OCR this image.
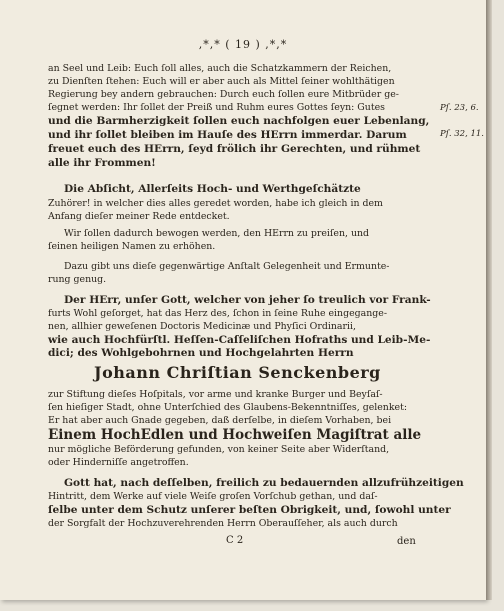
,*,* ( 19 ) ,*,*
an Seel und Leib: Euch ſoll alles, auch die Schatzkammern der Reichen,
zu Dienſten ſtehen: Euch will er aber auch als Mittel ſeiner wohlthätigen
Regierung bey andern gebrauchen: Durch euch ſollen eure Mitbrüder ge-
ſegnet werden: Ihr ſollet der Preiß und Ruhm eures Gottes ſeyn: Gutes
und die Barmherzigkeit ſollen euch nachfolgen euer Lebenlang,
und ihr ſollet bleiben im Hauſe des HErrn immerdar. Darum
freuet euch des HErrn, ſeyd frölich ihr Gerechten, und rühmet
alle ihr Frommen!
Pſ. 23, 6.
Pſ. 32, 11.
Die Abſicht, Allerſeits Hoch- und Werthgeſchätzte
Zuhörer! in welcher dies alles geredet worden, habe ich gleich in dem
Anfang dieſer meiner Rede entdecket.
Wir ſollen dadurch bewogen werden, den HErrn zu preiſen, und
ſeinen heiligen Namen zu erhöhen.
Dazu gibt uns dieſe gegenwärtige Anſtalt Gelegenheit und Ermunte-
rung genug.
Der HErr, unſer Gott, welcher von jeher ſo treulich vor Frank-
furts Wohl geſorget, hat das Herz des, ſchon in ſeine Ruhe eingegange-
nen, allhier geweſenen Doctoris Medicinæ und Phyſici Ordinarii,
wie auch Hochfürſtl. Heſſen-Caſſeliſchen Hofraths und Leib-Me-
dici; des Wohlgebohrnen und Hochgelahrten Herrn
Johann Chriſtian Senckenberg
zur Stiftung dieſes Hoſpitals, vor arme und kranke Burger und Beyſaſ-
ſen hieſiger Stadt, ohne Unterſchied des Glaubens-Bekenntniſſes, gelenket:
Er hat aber auch Gnade gegeben, daß derſelbe, in dieſem Vorhaben, bei
Einem HochEdlen und Hochweiſen Magiſtrat alle
nur mögliche Beförderung gefunden, von keiner Seite aber Widerſtand,
oder Hinderniſſe angetroffen.
Gott hat, nach deſſelben, freilich zu bedauernden allzufrühzeitigen
Hintritt, dem Werke auf viele Weiſe groſen Vorſchub gethan, und daſ-
ſelbe unter dem Schutz unſerer beſten Obrigkeit, und, ſowohl unter
der Sorgfalt der Hochzuverehrenden Herrn Oberauſſeher, als auch durch
C 2	den
